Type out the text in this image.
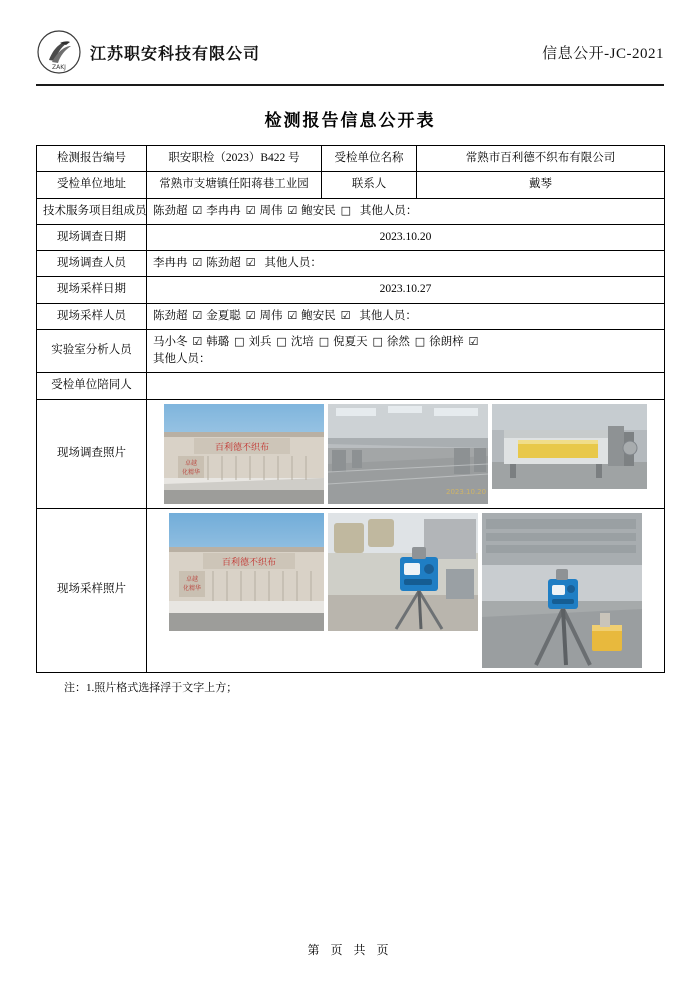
ZAKJ
江苏职安科技有限公司	信息公开-JC-2021
检测报告信息公开表
检测报告编号	职安职检（2023）B422 号	受检单位名称	常熟市百利德不织布有限公司
受检单位地址	常熟市支塘镇任阳蒋巷工业园	联系人	戴琴
技术服务项目组成员	陈劲超 ☑ 李冉冉 ☑ 周伟 ☑ 鲍安民 □ 其他人员：		
现场调查日期	2023.10.20		
现场调查人员	李冉冉 ☑ 陈劲超 ☑ 其他人员：		
现场采样日期	2023.10.27		
现场采样人员	陈劲超 ☑ 金夏聪 ☑ 周伟 ☑ 鲍安民 ☑ 其他人员：		
实验室分析人员	马小冬 ☑ 韩璐 □ 刘兵 □ 沈培 □ 倪夏天 □ 徐然 □ 徐朗梓 ☑
其他人员：		

受检单位陪同人			
现场调查照片	百利德不织布
卓越
化精华
2023.10.20		

现场采样照片	百利德不织布
卓越
化精华		
注：1.照片格式选择浮于文字上方；
第 页 共 页
